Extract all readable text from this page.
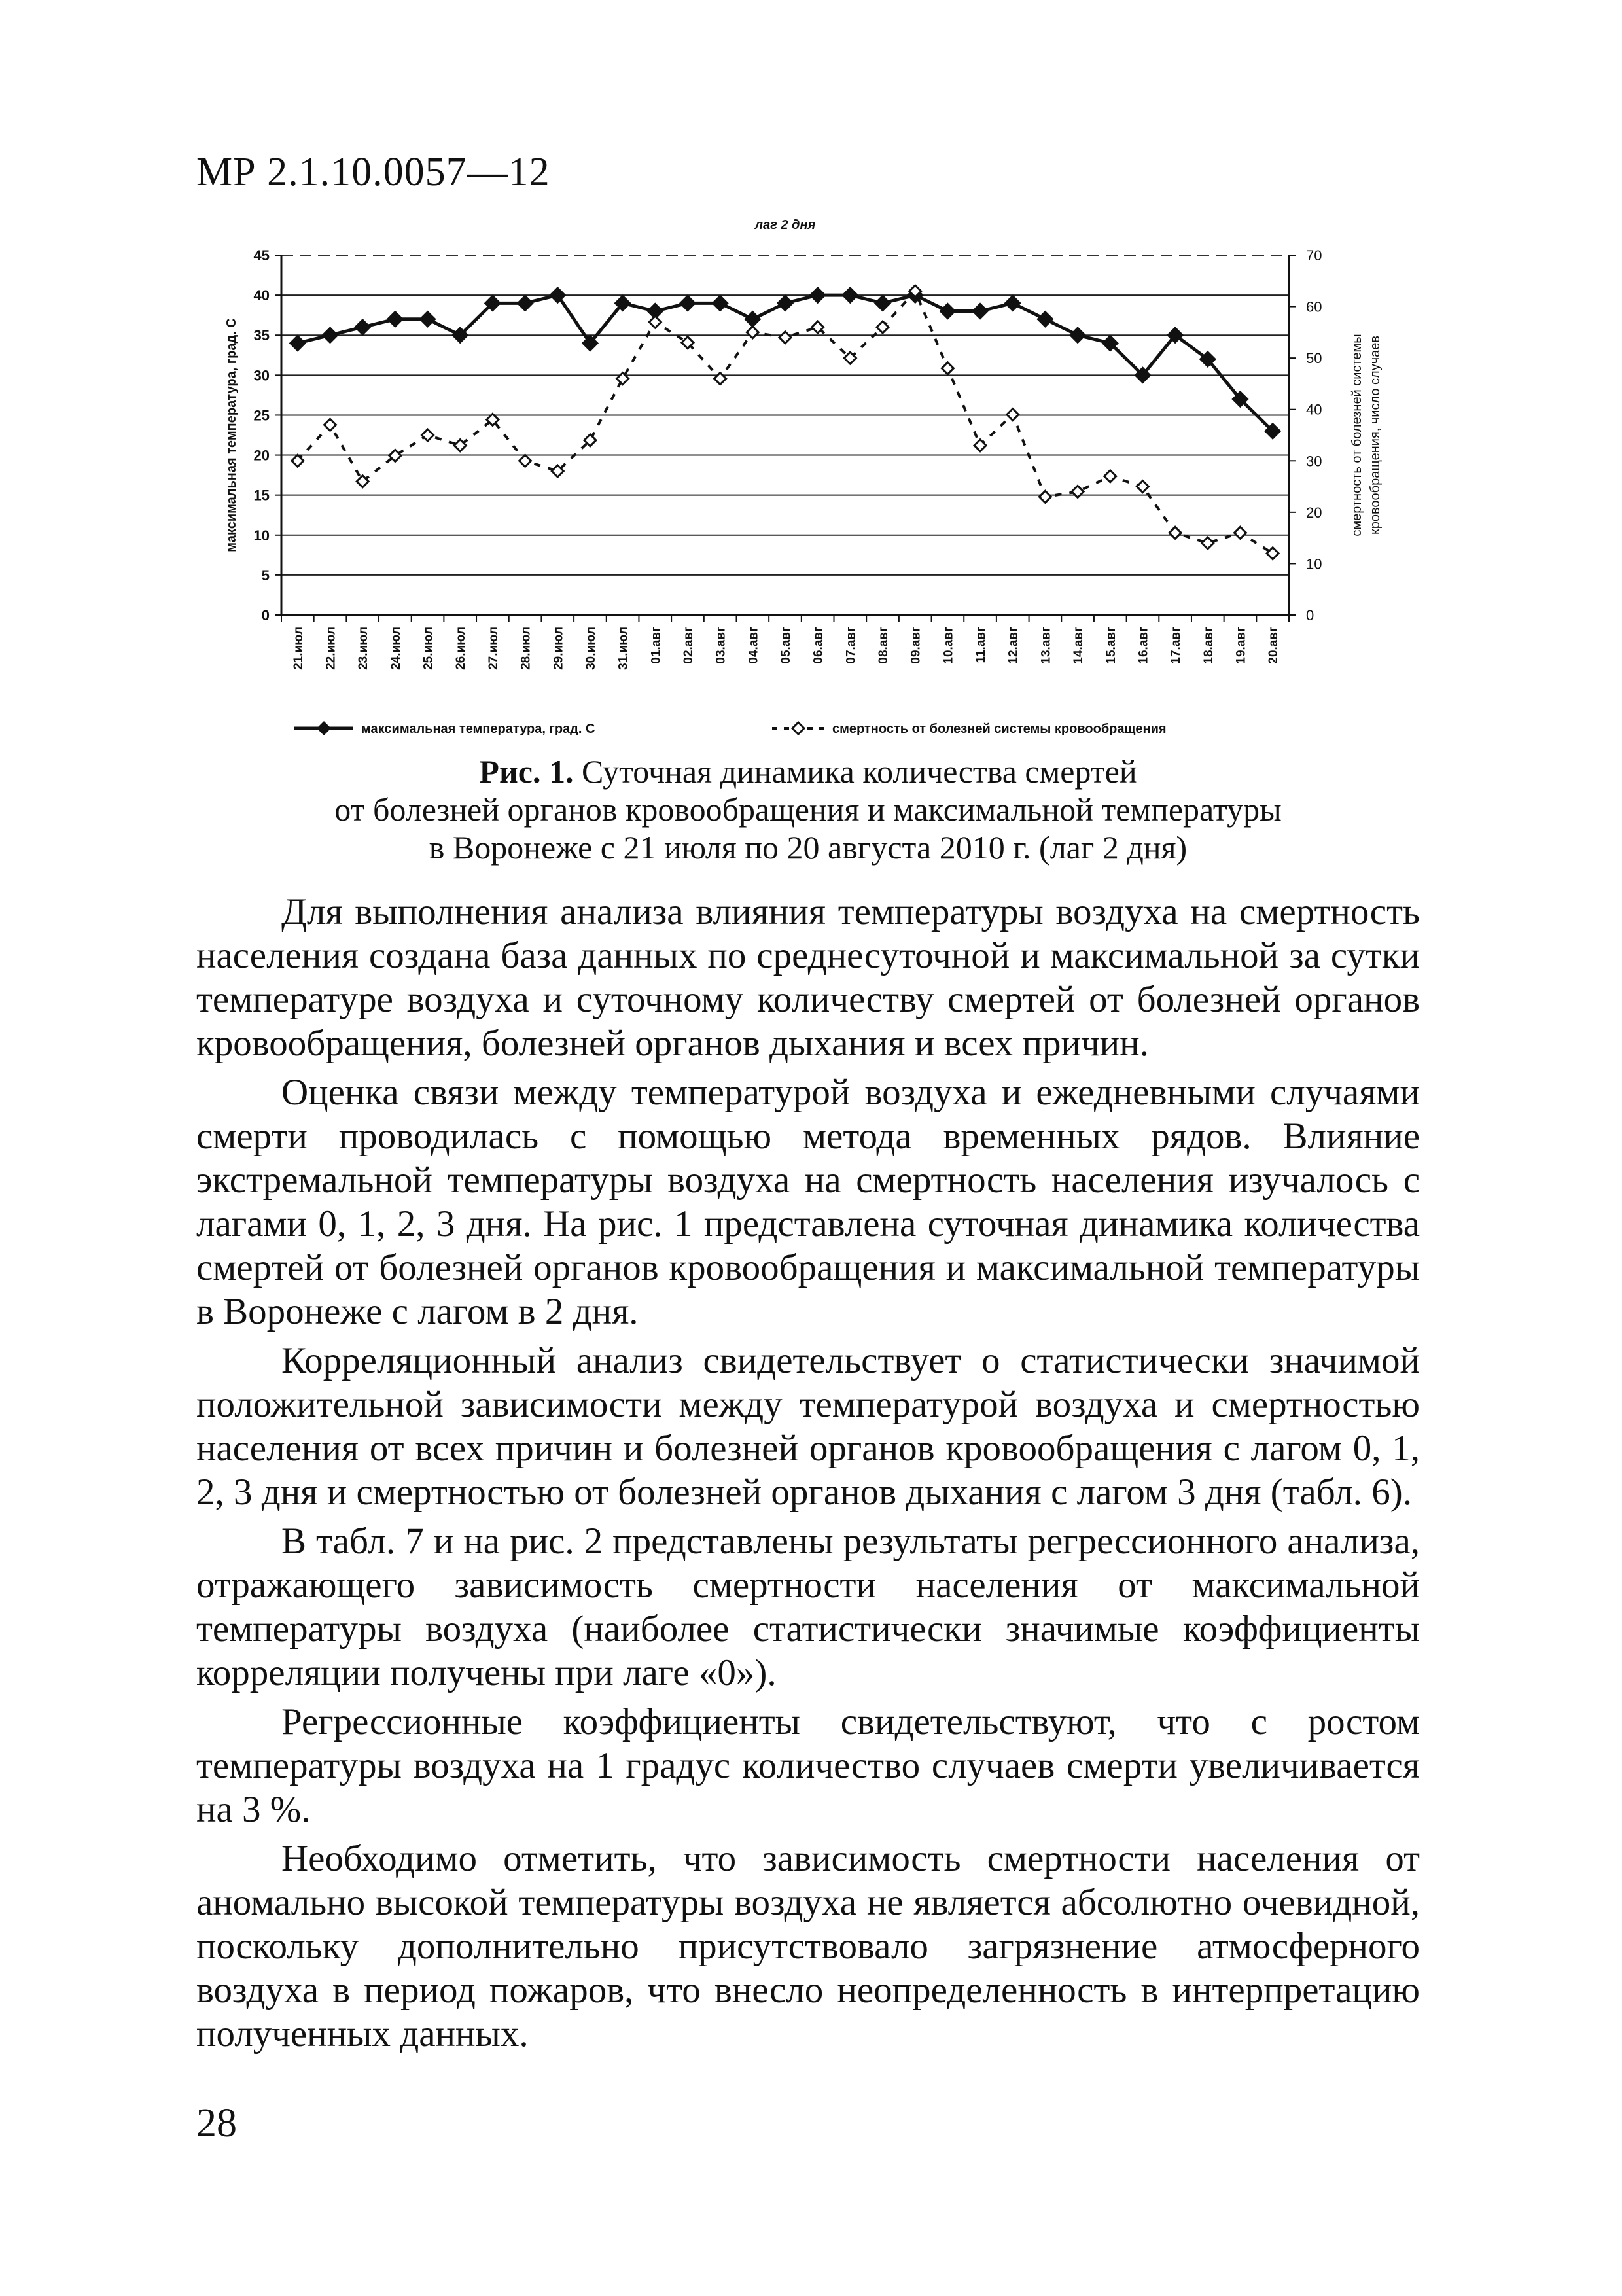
МР 2.1.10.0057—12
лаг 2 дня
0
5
10
15
20
25
30
35
40
45
0
10
20
30
40
50
60
70
21.июл 22.июл 23.июл 24.июл 25.июл 26.июл 27.июл 28.июл 29.июл 30.июл 31.июл 01.авг 02.авг 03.авг 04.авг 05.авг 06.авг 07.авг 08.авг 09.авг 10.авг 11.авг 12.авг 13.авг 14.авг 15.авг 16.авг 17.авг 18.авг 19.авг 20.авг
максимальная температура, град. С	смертность от болезней системы кровообращения, число случаев
максимальная температура, град. С	смертность от болезней системы кровообращения
Рис. 1. Суточная динамика количества смертей
от болезней органов кровообращения и максимальной температуры
в Воронеже с 21 июля по 20 августа 2010 г. (лаг 2 дня)

Для выполнения анализа влияния температуры воздуха на смертность населения создана база данных по среднесуточной и максимальной за сутки температуре воздуха и суточному количеству смертей от болезней органов кровообращения, болезней органов дыхания и всех причин.

Оценка связи между температурой воздуха и ежедневными случаями смерти проводилась с помощью метода временных рядов. Влияние экстремальной температуры воздуха на смертность населения изучалось с лагами 0, 1, 2, 3 дня. На рис. 1 представлена суточная динамика количества смертей от болезней органов кровообращения и максимальной температуры в Воронеже с лагом в 2 дня.

Корреляционный анализ свидетельствует о статистически значимой положительной зависимости между температурой воздуха и смертностью населения от всех причин и болезней органов кровообращения с лагом 0, 1, 2, 3 дня и смертностью от болезней органов дыхания с лагом 3 дня (табл. 6).

В табл. 7 и на рис. 2 представлены результаты регрессионного анализа, отражающего зависимость смертности населения от максимальной температуры воздуха (наиболее статистически значимые коэффициенты корреляции получены при лаге «0»).

Регрессионные коэффициенты свидетельствуют, что с ростом температуры воздуха на 1 градус количество случаев смерти увеличивается на 3 %.

Необходимо отметить, что зависимость смертности населения от аномально высокой температуры воздуха не является абсолютно очевидной, поскольку дополнительно присутствовало загрязнение атмосферного воздуха в период пожаров, что внесло неопределенность в интерпретацию полученных данных.

28
